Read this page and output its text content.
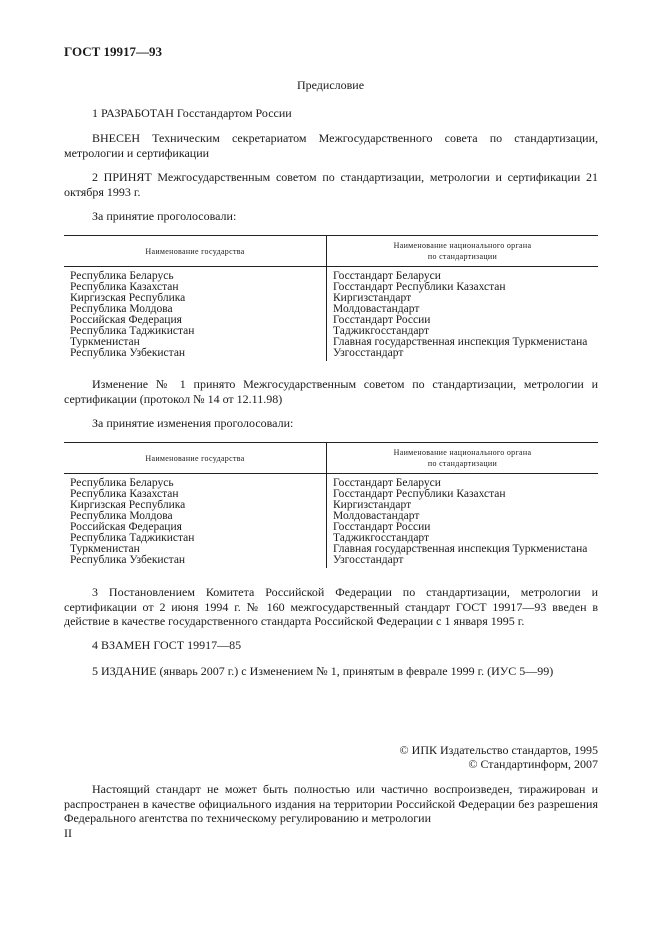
ГОСТ 19917—93
Предисловие
1 РАЗРАБОТАН Госстандартом России
ВНЕСЕН Техническим секретариатом Межгосударственного совета по стандартизации, метрологии и сертификации
2 ПРИНЯТ Межгосударственным советом по стандартизации, метрологии и сертификации 21 октября 1993 г.
За принятие проголосовали:
Наименование государства	Наименование национального органа
по стандартизации
Республика Беларусь	Госстандарт Беларуси
Республика Казахстан	Госстандарт Республики Казахстан
Киргизская Республика	Киргизстандарт
Республика Молдова	Молдовастандарт
Российская Федерация	Госстандарт России
Республика Таджикистан	Таджикгосстандарт
Туркменистан	Главная государственная инспекция Туркменистана
Республика Узбекистан	Узгосстандарт
Изменение № 1 принято Межгосударственным советом по стандартизации, метрологии и сертификации (протокол № 14 от 12.11.98)
За принятие изменения проголосовали:
Наименование государства	Наименование национального органа
по стандартизации
Республика Беларусь	Госстандарт Беларуси
Республика Казахстан	Госстандарт Республики Казахстан
Киргизская Республика	Киргизстандарт
Республика Молдова	Молдовастандарт
Российская Федерация	Госстандарт России
Республика Таджикистан	Таджикгосстандарт
Туркменистан	Главная государственная инспекция Туркменистана
Республика Узбекистан	Узгосстандарт
3 Постановлением Комитета Российской Федерации по стандартизации, метрологии и сертификации от 2 июня 1994 г. № 160 межгосударственный стандарт ГОСТ 19917—93 введен в действие в качестве государственного стандарта Российской Федерации с 1 января 1995 г.
4 ВЗАМЕН ГОСТ 19917—85
5 ИЗДАНИЕ (январь 2007 г.) с Изменением № 1, принятым в феврале 1999 г. (ИУС 5—99)
© ИПК Издательство стандартов, 1995
© Стандартинформ, 2007
Настоящий стандарт не может быть полностью или частично воспроизведен, тиражирован и распространен в качестве официального издания на территории Российской Федерации без разрешения Федерального агентства по техническому регулированию и метрологии
II
